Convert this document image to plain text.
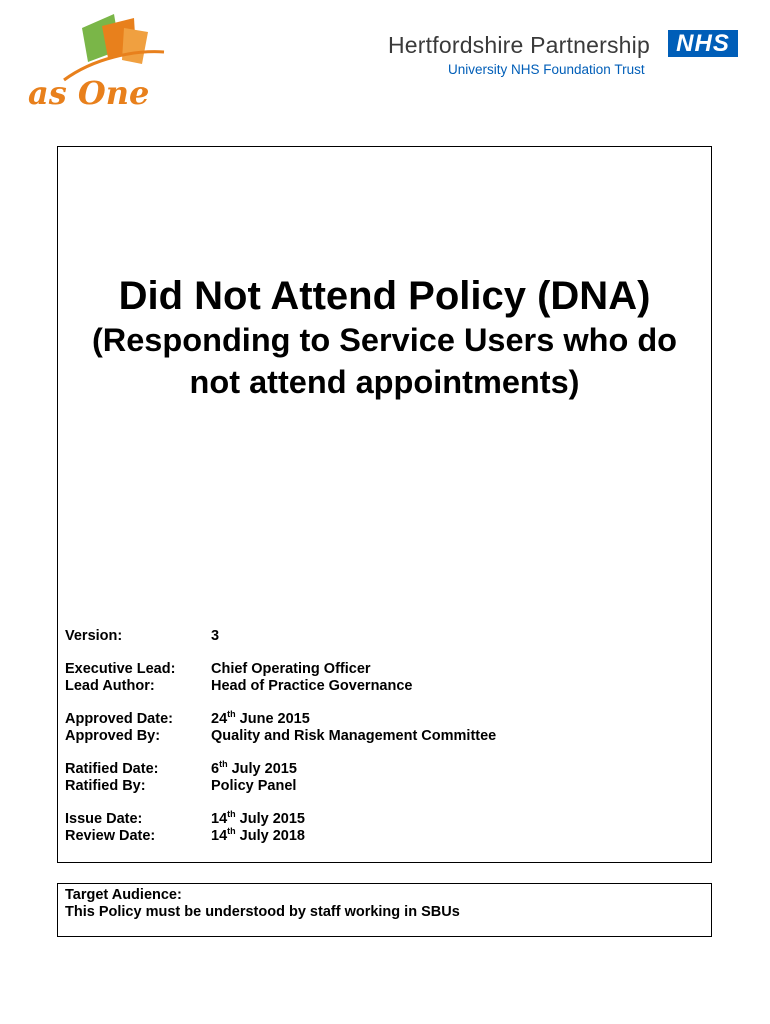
as One
Hertfordshire Partnership	NHS
University NHS Foundation Trust
Did Not Attend Policy (DNA)
(Responding to Service Users who do not attend appointments)
Version:	3
Executive Lead:	Chief Operating Officer
Lead Author:	Head of Practice Governance
Approved Date:	24th June 2015
Approved By:	Quality and Risk Management Committee
Ratified Date:	6th July 2015
Ratified By:	Policy Panel
Issue Date:	14th July 2015
Review Date:	14th July 2018
Target Audience:
This Policy must be understood by staff working in SBUs
